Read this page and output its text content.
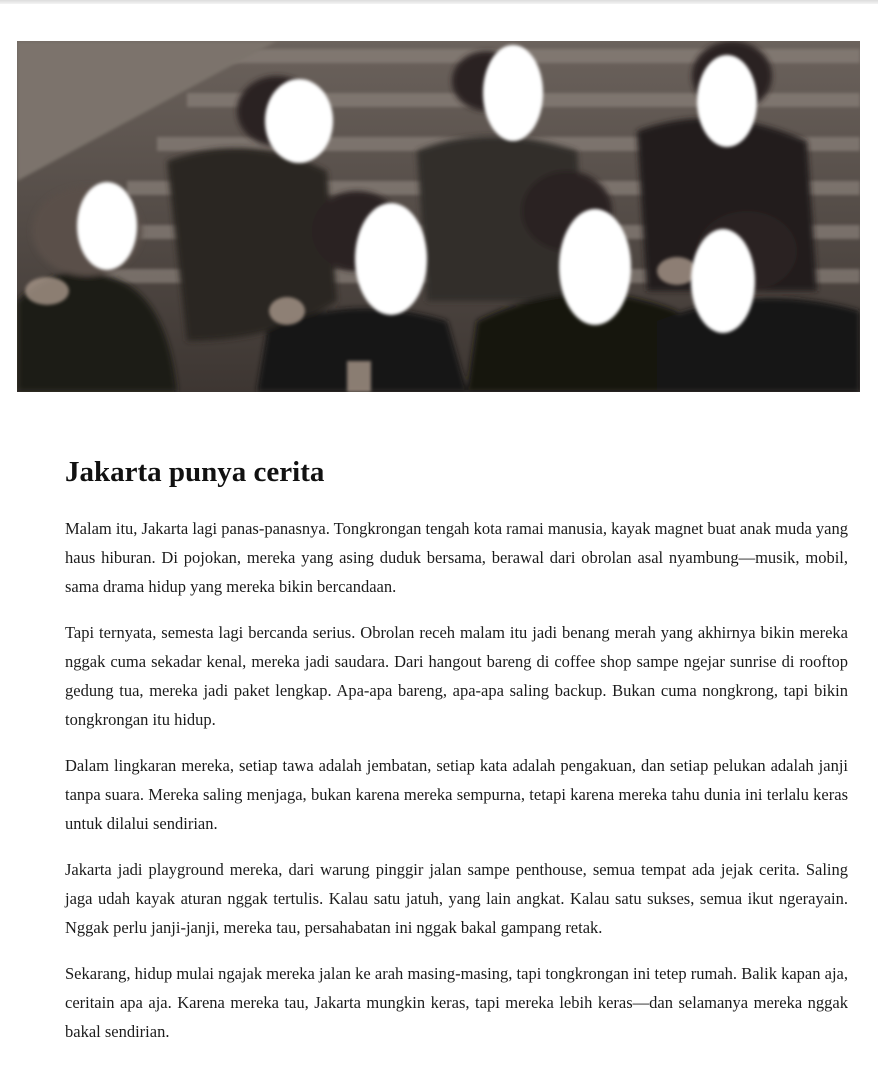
Jakarta punya cerita

Malam itu, Jakarta lagi panas-panasnya. Tongkrongan tengah kota ramai manusia, kayak magnet buat anak muda yang haus hiburan. Di pojokan, mereka yang asing duduk bersama, berawal dari obrolan asal nyambung—musik, mobil, sama drama hidup yang mereka bikin bercandaan.

Tapi ternyata, semesta lagi bercanda serius. Obrolan receh malam itu jadi benang merah yang akhirnya bikin mereka nggak cuma sekadar kenal, mereka jadi saudara. Dari hangout bareng di coffee shop sampe ngejar sunrise di rooftop gedung tua, mereka jadi paket lengkap. Apa-apa bareng, apa-apa saling backup. Bukan cuma nongkrong, tapi bikin tongkrongan itu hidup.

Dalam lingkaran mereka, setiap tawa adalah jembatan, setiap kata adalah pengakuan, dan setiap pelukan adalah janji tanpa suara. Mereka saling menjaga, bukan karena mereka sempurna, tetapi karena mereka tahu dunia ini terlalu keras untuk dilalui sendirian.

Jakarta jadi playground mereka, dari warung pinggir jalan sampe penthouse, semua tempat ada jejak cerita. Saling jaga udah kayak aturan nggak tertulis. Kalau satu jatuh, yang lain angkat. Kalau satu sukses, semua ikut ngerayain. Nggak perlu janji-janji, mereka tau, persahabatan ini nggak bakal gampang retak.

Sekarang, hidup mulai ngajak mereka jalan ke arah masing-masing, tapi tongkrongan ini tetep rumah. Balik kapan aja, ceritain apa aja. Karena mereka tau, Jakarta mungkin keras, tapi mereka lebih keras—dan selamanya mereka nggak bakal sendirian.
